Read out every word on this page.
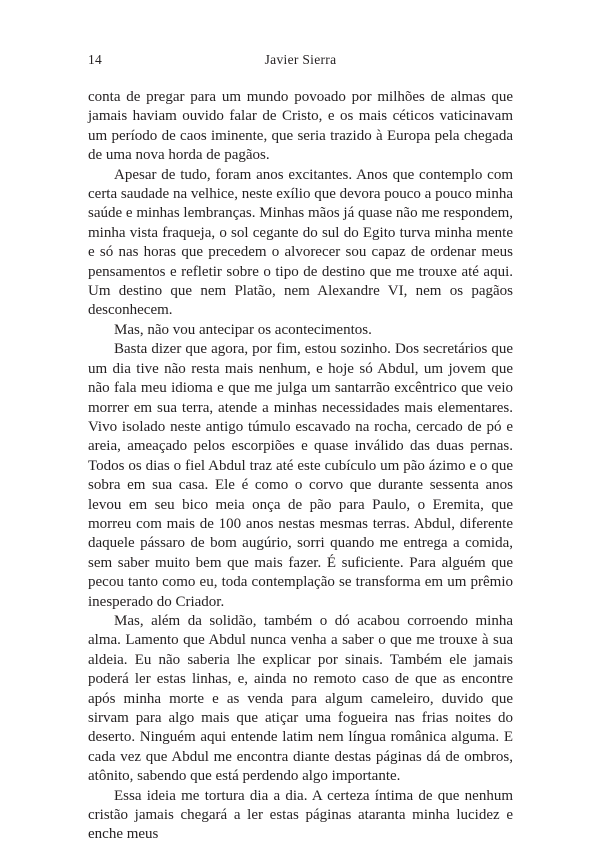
14	Javier Sierra

conta de pregar para um mundo povoado por milhões de almas que jamais haviam ouvido falar de Cristo, e os mais céticos vaticinavam um período de caos iminente, que seria trazido à Europa pela chegada de uma nova horda de pagãos.

Apesar de tudo, foram anos excitantes. Anos que contemplo com certa saudade na velhice, neste exílio que devora pouco a pouco minha saúde e minhas lembranças. Minhas mãos já quase não me respondem, minha vista fraqueja, o sol cegante do sul do Egito turva minha mente e só nas horas que precedem o alvorecer sou capaz de ordenar meus pensamentos e refletir sobre o tipo de destino que me trouxe até aqui. Um destino que nem Platão, nem Alexandre VI, nem os pagãos desconhecem.

Mas, não vou antecipar os acontecimentos.

Basta dizer que agora, por fim, estou sozinho. Dos secretários que um dia tive não resta mais nenhum, e hoje só Abdul, um jovem que não fala meu idioma e que me julga um santarrão excêntrico que veio morrer em sua terra, atende a minhas necessidades mais elementares. Vivo isolado neste antigo túmulo escavado na rocha, cercado de pó e areia, ameaçado pelos escorpiões e quase inválido das duas pernas. Todos os dias o fiel Abdul traz até este cubículo um pão ázimo e o que sobra em sua casa. Ele é como o corvo que durante sessenta anos levou em seu bico meia onça de pão para Paulo, o Eremita, que morreu com mais de 100 anos nestas mesmas terras. Abdul, diferente daquele pássaro de bom augúrio, sorri quando me entrega a comida, sem saber muito bem que mais fazer. É suficiente. Para alguém que pecou tanto como eu, toda contemplação se transforma em um prêmio inesperado do Criador.

Mas, além da solidão, também o dó acabou corroendo minha alma. Lamento que Abdul nunca venha a saber o que me trouxe à sua aldeia. Eu não saberia lhe explicar por sinais. Também ele jamais poderá ler estas linhas, e, ainda no remoto caso de que as encontre após minha morte e as venda para algum cameleiro, duvido que sirvam para algo mais que atiçar uma fogueira nas frias noites do deserto. Ninguém aqui entende latim nem língua românica alguma. E cada vez que Abdul me encontra diante destas páginas dá de ombros, atônito, sabendo que está perdendo algo importante.

Essa ideia me tortura dia a dia. A certeza íntima de que nenhum cristão jamais chegará a ler estas páginas ataranta minha lucidez e enche meus
